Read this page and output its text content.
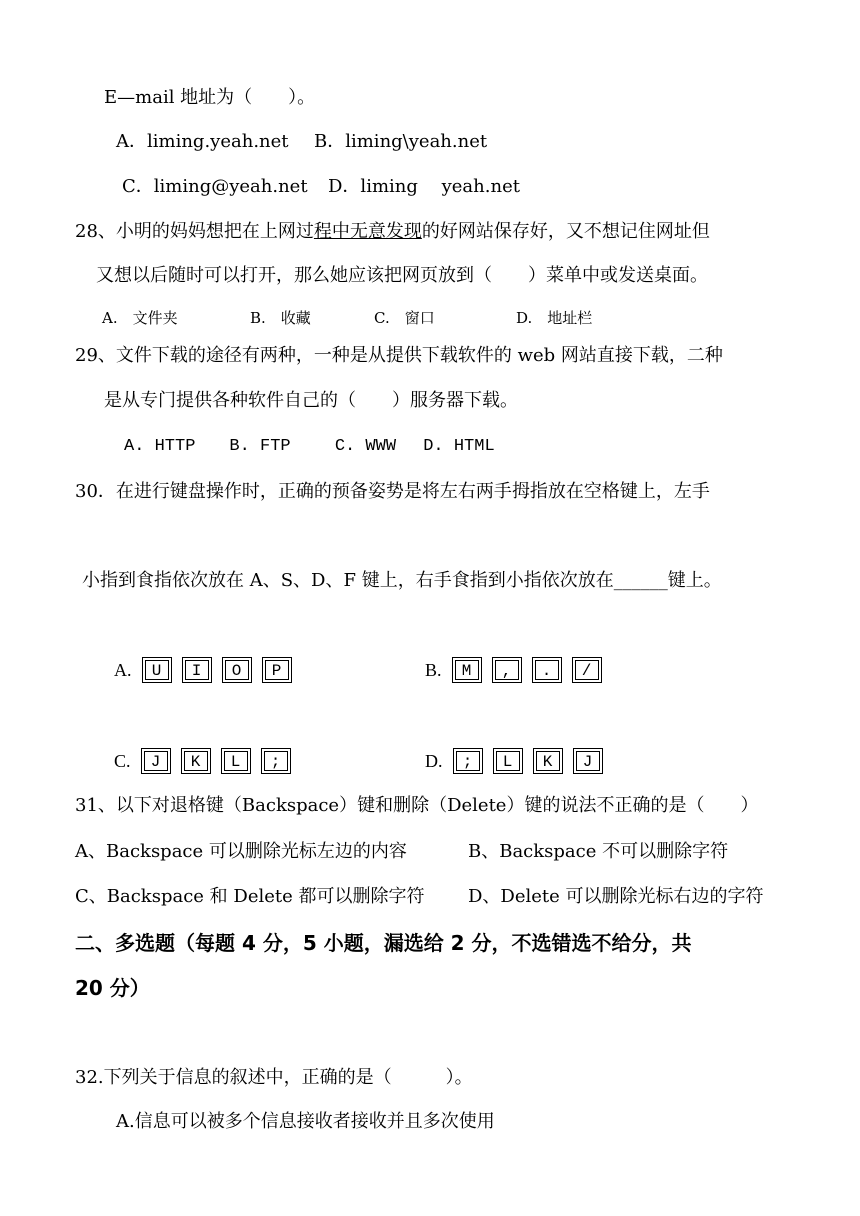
E—mail 地址为（　　）。
A．liming.yeah.net B．liming\yeah.net
C．liming@yeah.net D．liming　 yeah.net
28、小明的妈妈想把在上网过程中无意发现的好网站保存好，又不想记住网址但
又想以后随时可以打开，那么她应该把网页放到（　　）菜单中或发送桌面。
A.　文件夹	B.　收藏	C.　窗口	D.　地址栏
29、文件下载的途径有两种，一种是从提供下载软件的 web 网站直接下载，二种
是从专门提供各种软件自己的（　　）服务器下载。
A. HTTP　　B. FTP　　 C. WWW　 D. HTML
30．在进行键盘操作时，正确的预备姿势是将左右两手拇指放在空格键上，左手
小指到食指依次放在 A、S、D、F 键上，右手食指到小指依次放在______键上。
A.	U	I	O	P	B.	M	,	.	/
C.	J	K	L	;	D.	;	L	K	J
31、以下对退格键（Backspace）键和删除（Delete）键的说法不正确的是（　　）
A、Backspace 可以删除光标左边的内容	B、Backspace 不可以删除字符
C、Backspace 和 Delete 都可以删除字符 D、Delete 可以删除光标右边的字符
二、多选题（每题 4 分，5 小题，漏选给 2 分，不选错选不给分，共
20 分）
32.下列关于信息的叙述中，正确的是（　　　）。
A.信息可以被多个信息接收者接收并且多次使用
